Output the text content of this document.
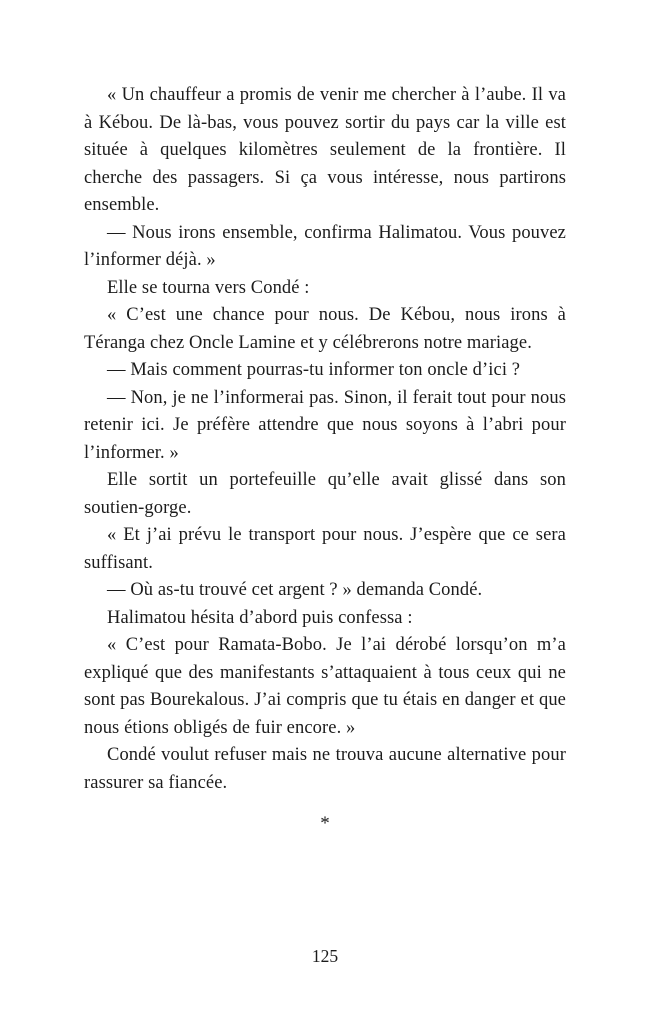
« Un chauffeur a promis de venir me chercher à l’aube. Il va à Kébou. De là-bas, vous pouvez sortir du pays car la ville est située à quelques kilomètres seulement de la frontière. Il cherche des passagers. Si ça vous intéresse, nous partirons ensemble.

— Nous irons ensemble, confirma Halimatou. Vous pouvez l’informer déjà. »

Elle se tourna vers Condé :

« C’est une chance pour nous. De Kébou, nous irons à Téranga chez Oncle Lamine et y célébrerons notre mariage.

— Mais comment pourras-tu informer ton oncle d’ici ?

— Non, je ne l’informerai pas. Sinon, il ferait tout pour nous retenir ici. Je préfère attendre que nous soyons à l’abri pour l’informer. »

Elle sortit un portefeuille qu’elle avait glissé dans son soutien-gorge.

« Et j’ai prévu le transport pour nous. J’espère que ce sera suffisant.

— Où as-tu trouvé cet argent ? » demanda Condé.

Halimatou hésita d’abord puis confessa :

« C’est pour Ramata-Bobo. Je l’ai dérobé lorsqu’on m’a expliqué que des manifestants s’attaquaient à tous ceux qui ne sont pas Bourekalous. J’ai compris que tu étais en danger et que nous étions obligés de fuir encore. »

Condé voulut refuser mais ne trouva aucune alternative pour rassurer sa fiancée.

*
125
